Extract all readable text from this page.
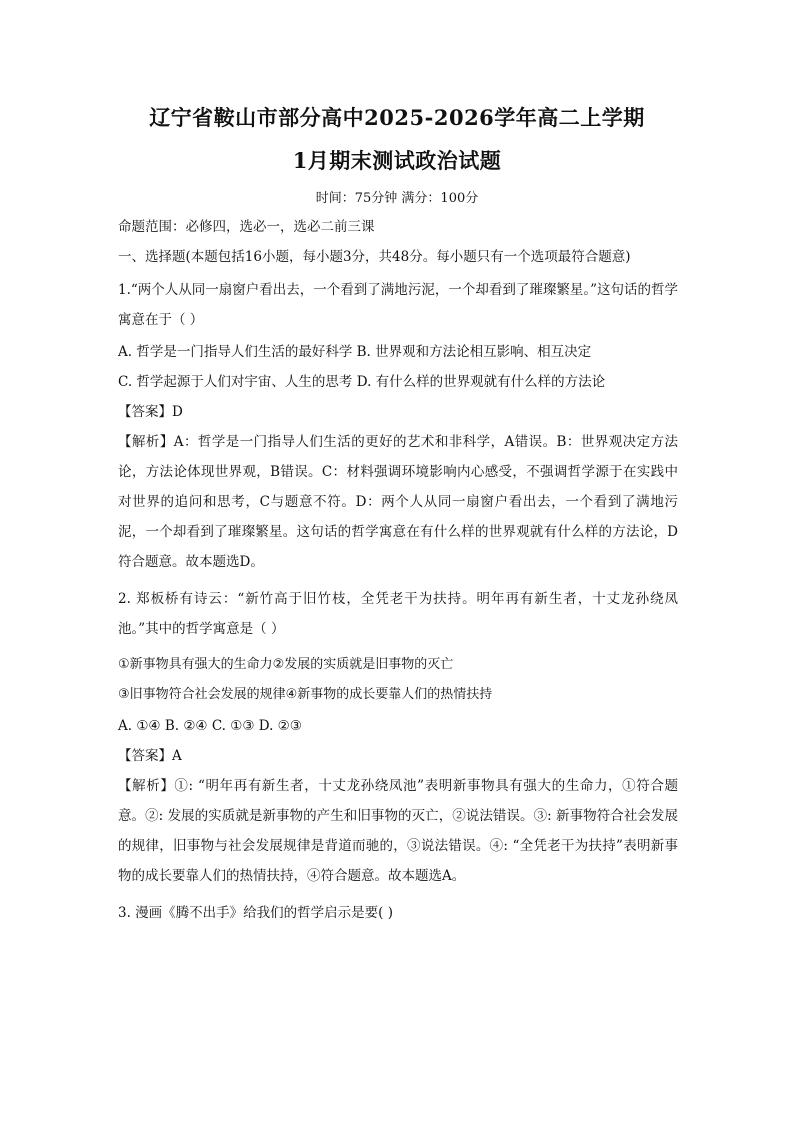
辽宁省鞍山市部分高中2025-2026学年高二上学期
1月期末测试政治试题
时间：75分钟 满分：100分
命题范围：必修四，选必一，选必二前三课
一、选择题(本题包括16小题，每小题3分，共48分。每小题只有一个选项最符合题意)
1.“两个人从同一扇窗户看出去，一个看到了满地污泥，一个却看到了璀璨繁星。”这句话的哲学寓意在于（ ）
A. 哲学是一门指导人们生活的最好科学 B. 世界观和方法论相互影响、相互决定
C. 哲学起源于人们对宇宙、人生的思考 D. 有什么样的世界观就有什么样的方法论
【答案】D
【解析】A：哲学是一门指导人们生活的更好的艺术和非科学，A错误。B：世界观决定方法论，方法论体现世界观，B错误。C：材料强调环境影响内心感受，不强调哲学源于在实践中对世界的追问和思考，C与题意不符。D：两个人从同一扇窗户看出去，一个看到了满地污泥，一个却看到了璀璨繁星。这句话的哲学寓意在有什么样的世界观就有什么样的方法论，D符合题意。故本题选D。
2. 郑板桥有诗云：“新竹高于旧竹枝，全凭老干为扶持。明年再有新生者，十丈龙孙绕凤池。”其中的哲学寓意是（ ）
①新事物具有强大的生命力②发展的实质就是旧事物的灭亡
③旧事物符合社会发展的规律④新事物的成长要靠人们的热情扶持
A. ①④ B. ②④ C. ①③ D. ②③
【答案】A
【解析】①: “明年再有新生者，十丈龙孙绕凤池”表明新事物具有强大的生命力，①符合题意。②: 发展的实质就是新事物的产生和旧事物的灭亡，②说法错误。③: 新事物符合社会发展的规律，旧事物与社会发展规律是背道而驰的，③说法错误。④: “全凭老干为扶持”表明新事物的成长要靠人们的热情扶持，④符合题意。故本题选A。
3. 漫画《腾不出手》给我们的哲学启示是要( )
